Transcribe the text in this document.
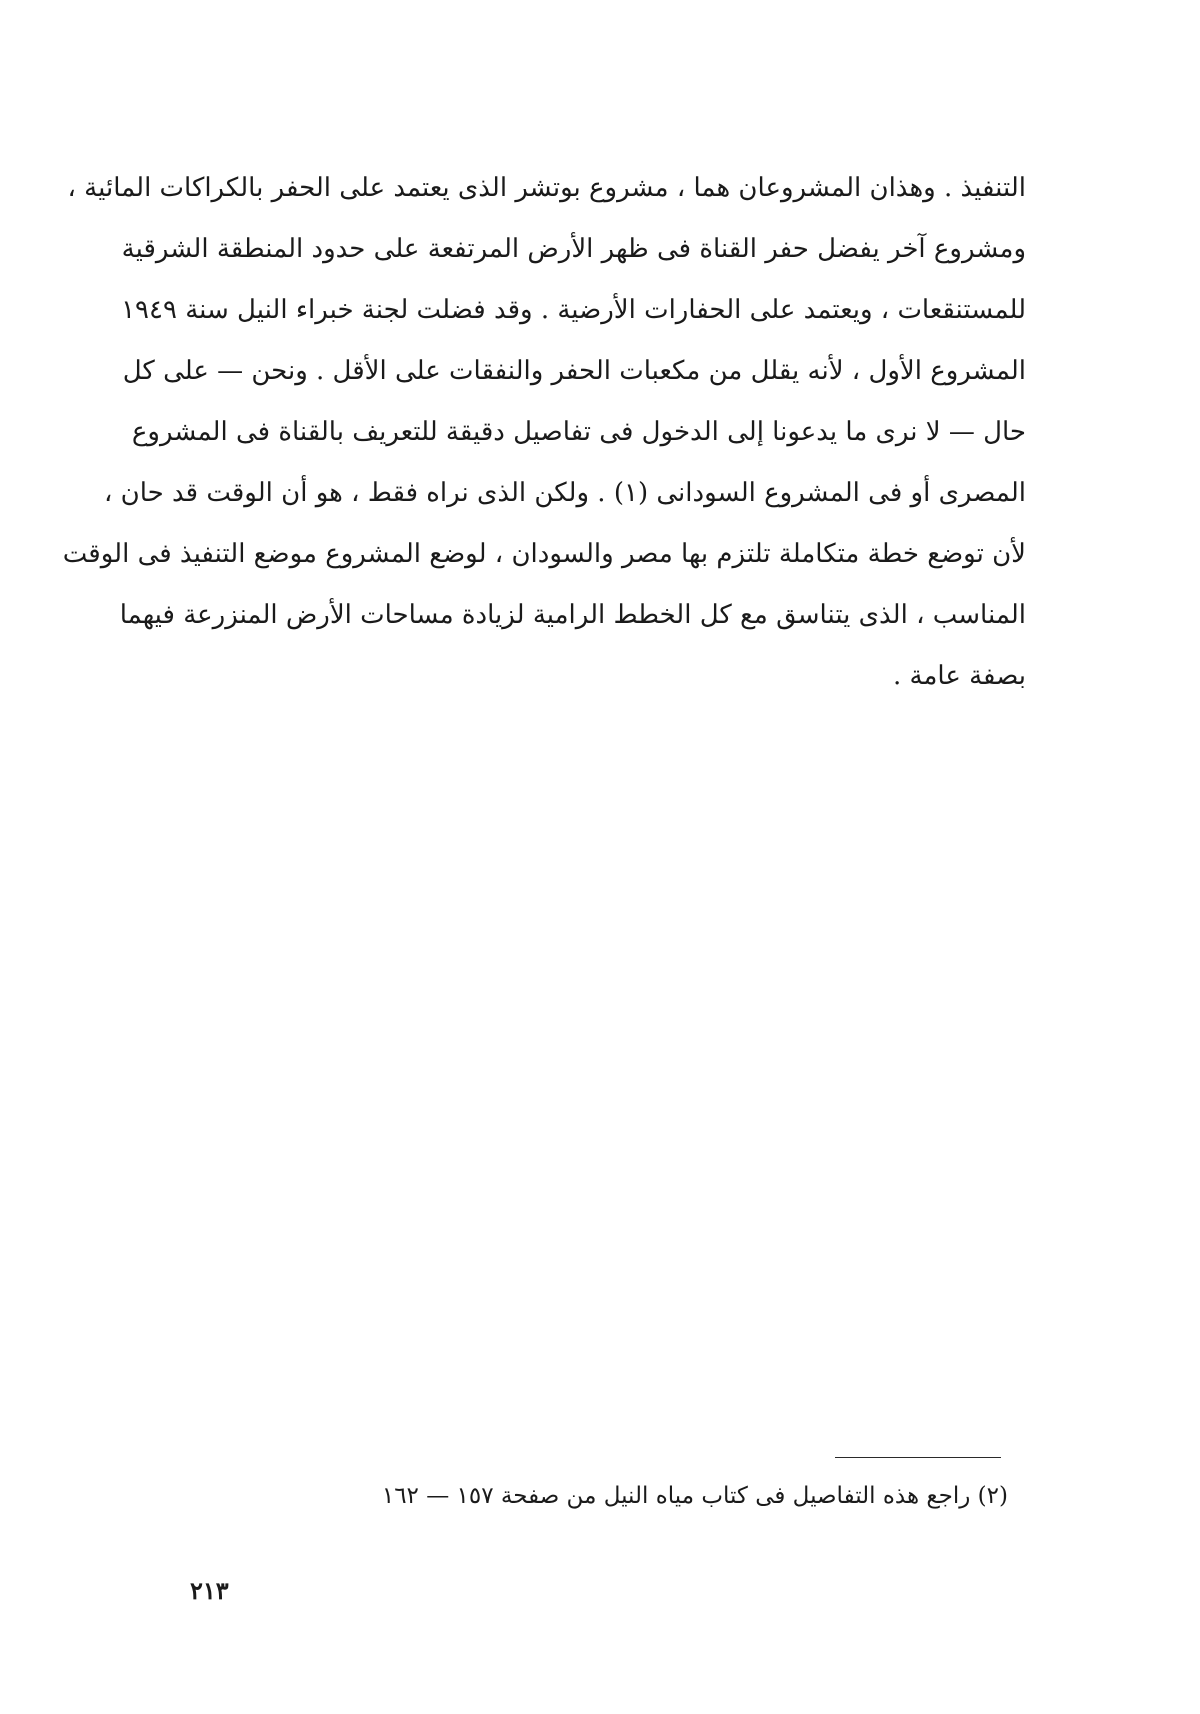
التنفيذ . وهذان المشروعان هما ، مشروع بوتشر الذى يعتمد على الحفر بالكراكات المائية ،
ومشروع آخر يفضل حفر القناة فى ظهر الأرض المرتفعة على حدود المنطقة الشرقية
للمستنقعات ، ويعتمد على الحفارات الأرضية . وقد فضلت لجنة خبراء النيل سنة ١٩٤٩
المشروع الأول ، لأنه يقلل من مكعبات الحفر والنفقات على الأقل . ونحن — على كل
حال — لا نرى ما يدعونا إلى الدخول فى تفاصيل دقيقة للتعريف بالقناة فى المشروع
المصرى أو فى المشروع السودانى (١) . ولكن الذى نراه فقط ، هو أن الوقت قد حان ،
لأن توضع خطة متكاملة تلتزم بها مصر والسودان ، لوضع المشروع موضع التنفيذ فى الوقت
المناسب ، الذى يتناسق مع كل الخطط الرامية لزيادة مساحات الأرض المنزرعة فيهما
بصفة عامة .
(٢) راجع هذه التفاصيل فى كتاب مياه النيل من صفحة ١٥٧ — ١٦٢
٢١٣
